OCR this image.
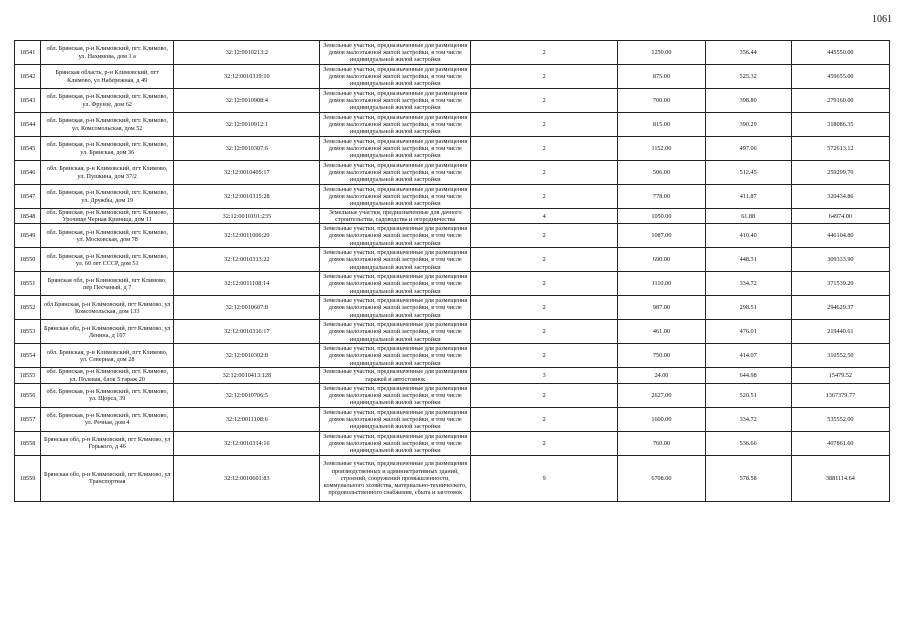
1061
18541	обл. Брянская, р-н Климовский, пгт. Климово, ул. Нахимова, дом 1 а	32:12:0010213:2	Земельные участки, предназначенные для размещения домов малоэтажной жилой застройки, в том числе индивидуальной жилой застройки	2	1250.00	356.44	445550.00
18542	Брянская область, р-н Климовский, пгт Климово, ул Набережная, д 49	32:12:0010319:10	Земельные участки, предназначенные для размещения домов малоэтажной жилой застройки, в том числе индивидуальной жилой застройки	2	875.00	525.32	459655.00
18543	обл. Брянская, р-н Климовский, пгт. Климово, ул. Фрунзе, дом 62	32:12:0010908:4	Земельные участки, предназначенные для размещения домов малоэтажной жилой застройки, в том числе индивидуальной жилой застройки	2	700.00	398.80	279160.00
18544	обл. Брянская, р-н Климовский, пгт. Климово, ул. Комсомольская, дом 52	32:12:0010912:1	Земельные участки, предназначенные для размещения домов малоэтажной жилой застройки, в том числе индивидуальной жилой застройки	2	815.00	390.29	318086.35
18545	обл. Брянская, р-н Климовский, пгт. Климово, ул. Брянская, дом 36	32:12:0010307:6	Земельные участки, предназначенные для размещения домов малоэтажной жилой застройки, в том числе индивидуальной жилой застройки	2	1152.00	497.06	572613.12
18546	обл. Брянская, р-н Климовский, пгт Климово, ул. Пушкина, дом 37/2	32:12:0010405:17	Земельные участки, предназначенные для размещения домов малоэтажной жилой застройки, в том числе индивидуальной жилой застройки	2	506.00	512.45	259299.70
18547	обл. Брянская, р-н Климовский, пгт. Климово, ул. Дружбы, дом 19	32:12:0010315:28	Земельные участки, предназначенные для размещения домов малоэтажной жилой застройки, в том числе индивидуальной жилой застройки	2	778.00	411.87	320434.86
18548	обл. Брянская, р-н Климовский, пгт. Климово, Урочище Черная Криница, дом 11	32:12:0010101:235	Земельные участки, предназначенные для дачного строительства, садоводства и огородничества	4	1050.00	61.88	64974.00
18549	обл. Брянская, р-н Климовский, пгт. Климово, ул. Московская, дом 78	32:12:0011006:20	Земельные участки, предназначенные для размещения домов малоэтажной жилой застройки, в том числе индивидуальной жилой застройки	2	1087.00	410.40	446104.80
18550	обл. Брянская, р-н Климовский, пгт. Климово, ул. 60 лет СССР, дом 51	32:12:0010313:22	Земельные участки, предназначенные для размещения домов малоэтажной жилой застройки, в том числе индивидуальной жилой застройки	2	690.00	448.31	309333.90
18551	Брянская обл, р-н Климовский, пгт Климово, пер Песчаный, д 7	32:12:0011108:14	Земельные участки, предназначенные для размещения домов малоэтажной жилой застройки, в том числе индивидуальной жилой застройки	2	1110.00	334.72	371539.20
18552	обл Брянская, р-н Климовский, пгт Климово, ул Комсомольская, дом 133	32:12:0010607:8	Земельные участки, предназначенные для размещения домов малоэтажной жилой застройки, в том числе индивидуальной жилой застройки	2	987.00	298.51	294629.37
18553	Брянская обл, р-н Климовский, пгт Климово, ул Ленина, д 107	32:12:0010316:17	Земельные участки, предназначенные для размещения домов малоэтажной жилой застройки, в том числе индивидуальной жилой застройки	2	461.00	476.01	219440.61
18554	обл. Брянская, р-н Климовский, пгт Климово, ул. Северная, дом 28	32:12:0010302:8	Земельные участки, предназначенные для размещения домов малоэтажной жилой застройки, в том числе индивидуальной жилой застройки	2	750.00	414.07	310552.50
18555	обл. Брянская, р-н Климовский, пгт. Климово, ул. Полевая, блок 5 гараж 20	32:12:0010413:128	Земельные участки, предназначенные для размещения гаражей и автостоянок	3	24.00	644.98	15479.52
18556	обл. Брянская, р-н Климовский, пгт. Климово, ул. Щорса, 39	32:12:0010706:5	Земельные участки, предназначенные для размещения домов малоэтажной жилой застройки, в том числе индивидуальной жилой застройки	2	2627.00	520.51	1367379.77
18557	обл. Брянская, р-н Климовский, пгт. Климово, ул. Речная, дом 4	32:12:0011108:6	Земельные участки, предназначенные для размещения домов малоэтажной жилой застройки, в том числе индивидуальной жилой застройки	2	1600.00	334.72	535552.00
18558	Брянская обл, р-н Климовский, пгт Климово, ул Горького, д 46	32:12:0010314:16	Земельные участки, предназначенные для размещения домов малоэтажной жилой застройки, в том числе индивидуальной жилой застройки	2	760.00	536.66	407861.60
18559	Брянская обл, р-н Климовский, пгт Климово, ул Транспортная	32:12:0010601:83	Земельные участки, предназначенные для размещения производственных и административных зданий, строений, сооружений промышленности, коммунального хозяйства, материально-технического, продовольственного снабжения, сбыта и заготовок	9	6708.00	578.58	3881114.64
